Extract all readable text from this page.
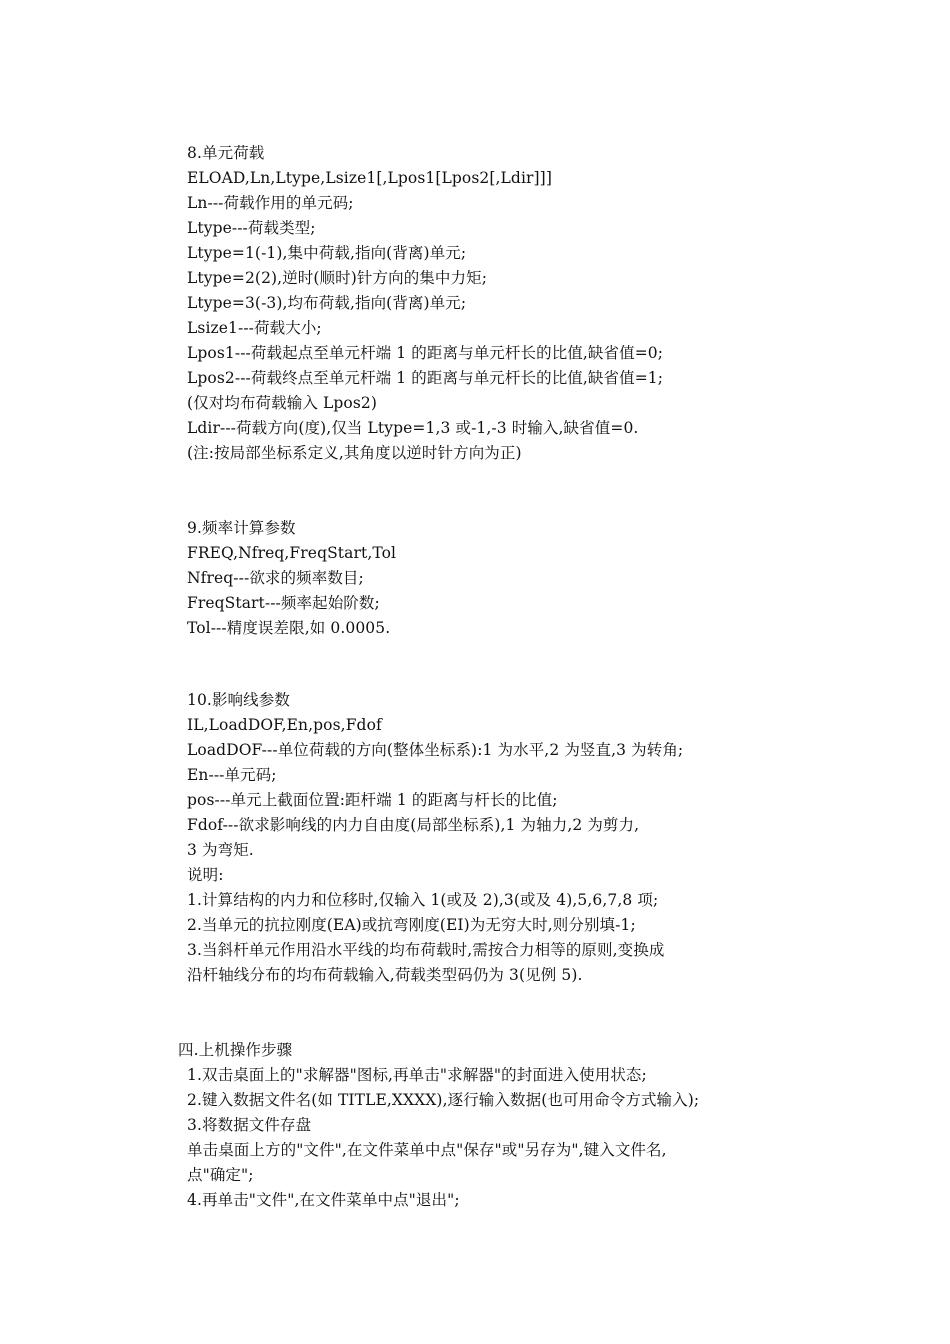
8.单元荷载
ELOAD,Ln,Ltype,Lsize1[,Lpos1[Lpos2[,Ldir]]]
Ln---荷载作用的单元码;
Ltype---荷载类型;
Ltype=1(-1),集中荷载,指向(背离)单元;
Ltype=2(2),逆时(顺时)针方向的集中力矩;
Ltype=3(-3),均布荷载,指向(背离)单元;
Lsize1---荷载大小;
Lpos1---荷载起点至单元杆端 1 的距离与单元杆长的比值,缺省值=0;
Lpos2---荷载终点至单元杆端 1 的距离与单元杆长的比值,缺省值=1;
(仅对均布荷载输入 Lpos2)
Ldir---荷载方向(度),仅当 Ltype=1,3 或-1,-3 时输入,缺省值=0.
(注:按局部坐标系定义,其角度以逆时针方向为正)
9.频率计算参数
FREQ,Nfreq,FreqStart,Tol
Nfreq---欲求的频率数目;
FreqStart---频率起始阶数;
Tol---精度误差限,如 0.0005.
10.影响线参数
IL,LoadDOF,En,pos,Fdof
LoadDOF---单位荷载的方向(整体坐标系):1 为水平,2 为竖直,3 为转角;
En---单元码;
pos---单元上截面位置:距杆端 1 的距离与杆长的比值;
Fdof---欲求影响线的内力自由度(局部坐标系),1 为轴力,2 为剪力,
3 为弯矩.
说明:
1.计算结构的内力和位移时,仅输入 1(或及 2),3(或及 4),5,6,7,8 项;
2.当单元的抗拉刚度(EA)或抗弯刚度(EI)为无穷大时,则分别填-1;
3.当斜杆单元作用沿水平线的均布荷载时,需按合力相等的原则,变换成
沿杆轴线分布的均布荷载输入,荷载类型码仍为 3(见例 5).
四.上机操作步骤
1.双击桌面上的"求解器"图标,再单击"求解器"的封面进入使用状态;
2.键入数据文件名(如 TITLE,XXXX),逐行输入数据(也可用命令方式输入);
3.将数据文件存盘
单击桌面上方的"文件",在文件菜单中点"保存"或"另存为",键入文件名,
点"确定";
4.再单击"文件",在文件菜单中点"退出";
